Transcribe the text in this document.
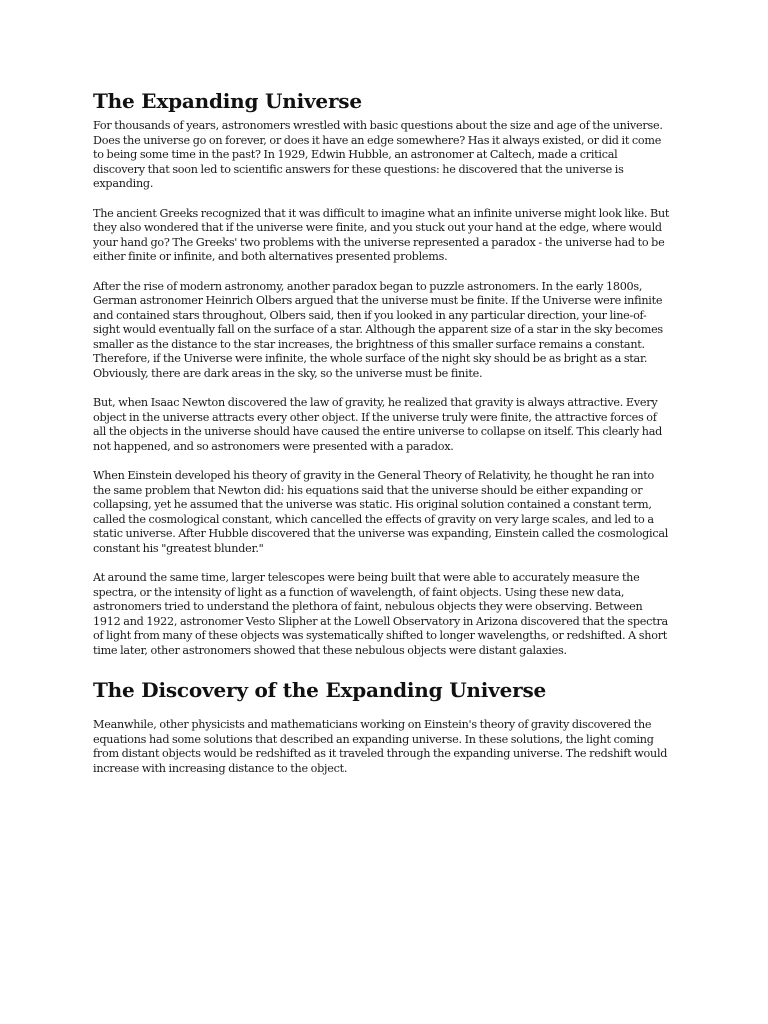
The Expanding Universe

For thousands of years, astronomers wrestled with basic questions about the size and age of the universe. Does the universe go on forever, or does it have an edge somewhere? Has it always existed, or did it come to being some time in the past? In 1929, Edwin Hubble, an astronomer at Caltech, made a critical discovery that soon led to scientific answers for these questions: he discovered that the universe is expanding.

The ancient Greeks recognized that it was difficult to imagine what an infinite universe might look like. But they also wondered that if the universe were finite, and you stuck out your hand at the edge, where would your hand go? The Greeks' two problems with the universe represented a paradox - the universe had to be either finite or infinite, and both alternatives presented problems.

After the rise of modern astronomy, another paradox began to puzzle astronomers. In the early 1800s, German astronomer Heinrich Olbers argued that the universe must be finite. If the Universe were infinite and contained stars throughout, Olbers said, then if you looked in any particular direction, your line-of-sight would eventually fall on the surface of a star. Although the apparent size of a star in the sky becomes smaller as the distance to the star increases, the brightness of this smaller surface remains a constant. Therefore, if the Universe were infinite, the whole surface of the night sky should be as bright as a star. Obviously, there are dark areas in the sky, so the universe must be finite.

But, when Isaac Newton discovered the law of gravity, he realized that gravity is always attractive. Every object in the universe attracts every other object. If the universe truly were finite, the attractive forces of all the objects in the universe should have caused the entire universe to collapse on itself. This clearly had not happened, and so astronomers were presented with a paradox.

When Einstein developed his theory of gravity in the General Theory of Relativity, he thought he ran into the same problem that Newton did: his equations said that the universe should be either expanding or collapsing, yet he assumed that the universe was static. His original solution contained a constant term, called the cosmological constant, which cancelled the effects of gravity on very large scales, and led to a static universe. After Hubble discovered that the universe was expanding, Einstein called the cosmological constant his "greatest blunder."

At around the same time, larger telescopes were being built that were able to accurately measure the spectra, or the intensity of light as a function of wavelength, of faint objects. Using these new data, astronomers tried to understand the plethora of faint, nebulous objects they were observing. Between 1912 and 1922, astronomer Vesto Slipher at the Lowell Observatory in Arizona discovered that the spectra of light from many of these objects was systematically shifted to longer wavelengths, or redshifted. A short time later, other astronomers showed that these nebulous objects were distant galaxies.

The Discovery of the Expanding Universe

Meanwhile, other physicists and mathematicians working on Einstein's theory of gravity discovered the equations had some solutions that described an expanding universe. In these solutions, the light coming from distant objects would be redshifted as it traveled through the expanding universe. The redshift would increase with increasing distance to the object.
